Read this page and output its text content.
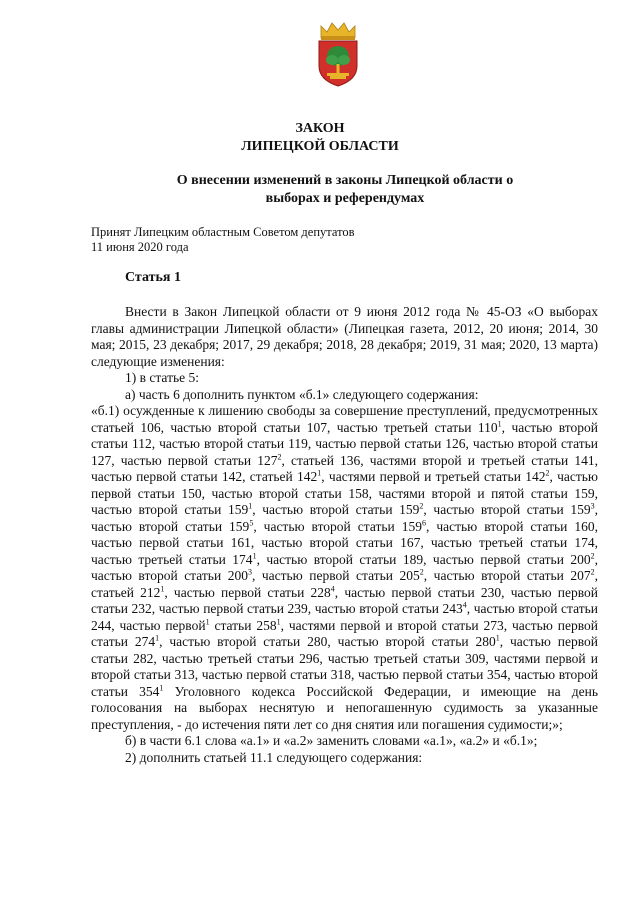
ЗАКОН
ЛИПЕЦКОЙ ОБЛАСТИ
О внесении изменений в законы Липецкой области о
выборах и референдумах
Принят Липецким областным Советом депутатов
11 июня 2020 года
Статья 1

Внести в Закон Липецкой области от 9 июня 2012 года № 45-ОЗ «О выборах главы администрации Липецкой области» (Липецкая газета, 2012, 20 июня; 2014, 30 мая; 2015, 23 декабря; 2017, 29 декабря; 2018, 28 декабря; 2019, 31 мая; 2020, 13 марта) следующие изменения:

1) в статье 5:

а) часть 6 дополнить пунктом «б.1» следующего содержания:

«б.1) осужденные к лишению свободы за совершение преступлений, предусмотренных статьей 106, частью второй статьи 107, частью третьей статьи $110^1$, частью второй статьи 112, частью второй статьи 119, частью первой статьи 126, частью второй статьи 127, частью первой статьи $127^2$, статьей 136, частями второй и третьей статьи 141, частью первой статьи 142, статьей $142^1$, частями первой и третьей статьи $142^2$, частью первой статьи 150, частью второй статьи 158, частями второй и пятой статьи 159, частью второй статьи $159^1$, частью второй статьи $159^2$, частью второй статьи $159^3$, частью второй статьи $159^5$, частью второй статьи $159^6$, частью второй статьи 160, частью первой статьи 161, частью второй статьи 167, частью третьей статьи 174, частью третьей статьи $174^1$, частью второй статьи 189, частью первой статьи $200^2$, частью второй статьи $200^3$, частью первой статьи $205^2$, частью второй статьи $207^2$, статьей $212^1$, частью первой статьи $228^4$, частью первой статьи 230, частью первой статьи 232, частью первой статьи 239, частью второй статьи $243^4$, частью второй статьи 244, частью первой$^1$ статьи $258^1$, частями первой и второй статьи 273, частью первой статьи $274^1$, частью второй статьи 280, частью второй статьи $280^1$, частью первой статьи 282, частью третьей статьи 296, частью третьей статьи 309, частями первой и второй статьи 313, частью первой статьи 318, частью первой статьи 354, частью второй статьи $354^1$ Уголовного кодекса Российской Федерации, и имеющие на день голосования на выборах неснятую и непогашенную судимость за указанные преступления, - до истечения пяти лет со дня снятия или погашения судимости;»;

б) в части 6.1 слова «а.1» и «а.2» заменить словами «а.1», «а.2» и «б.1»;

2) дополнить статьей 11.1 следующего содержания:
